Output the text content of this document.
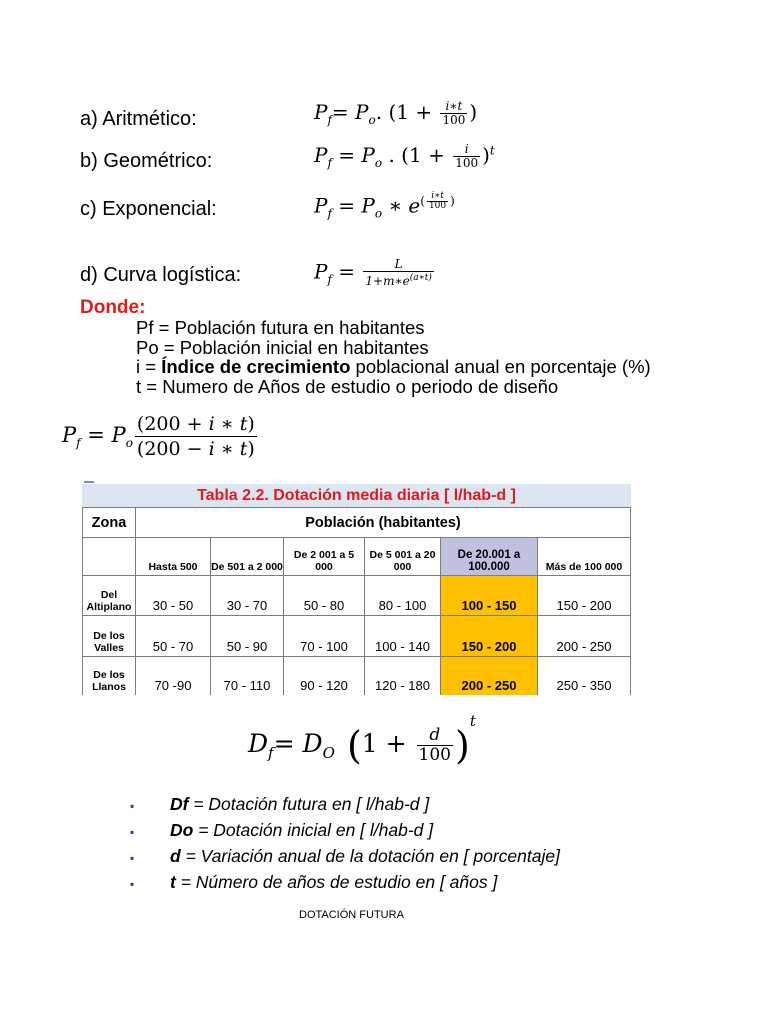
a) Aritmético:
b) Geométrico:
c) Exponencial:
d) Curva logística:
$P_f= P_o$. ($1 + \frac{i∗t}{100}$ )
$P_f = P_o$ . $(1 + \frac{i}{100} )^t$
$P_f = P_o$ ∗ $e^{( \frac{i∗t}{100} )}$
$P_f = \frac{L}{1+m∗e^{(a∗t)}}$
Donde:
Pf = Población futura en habitantes
Po = Población inicial en habitantes
i = Índice de crecimiento poblacional anual en porcentaje (%)
t = Numero de Años de estudio o periodo de diseño
$P_f = P_o \frac{(200 + i ∗ t)}{(200 - i ∗ t)}$
Tabla 2.2. Dotación media diaria [ l/hab-d ]
Zona	Población (habitantes)					
	Hasta 500	De 501 a 2 000	De 2 001 a 5 000	De 5 001 a 20 000	De 20.001 a 100.000	Más de 100 000
Del Altiplano	30 - 50	30 - 70	50 - 80	80 - 100	100 - 150	150 - 200
De los Valles	50 - 70	50 - 90	70 - 100	100 - 140	150 - 200	200 - 250
De los Llanos	70 -90	70 - 110	90 - 120	120 - 180	200 - 250	250 - 350
$D_f= D_O$ $(1 + \frac{d}{100} )^t$
▪ Df = Dotación futura en [ l/hab-d ]
▪ Do = Dotación inicial en [ l/hab-d ]
▪ d = Variación anual de la dotación en [ porcentaje]
▪ t = Número de años de estudio en [ años ]
DOTACIÓN FUTURA
